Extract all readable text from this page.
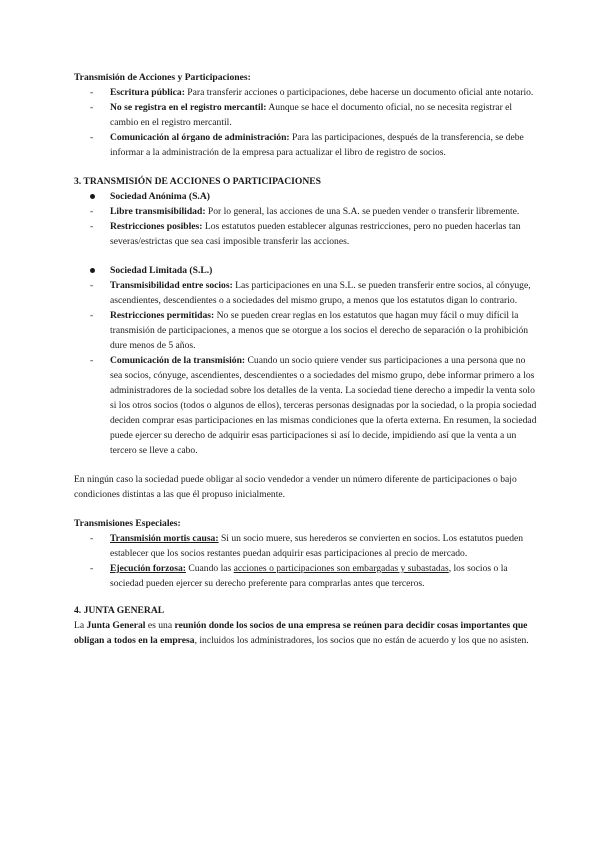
Transmisión de Acciones y Participaciones:

- Escritura pública: Para transferir acciones o participaciones, debe hacerse un documento oficial ante notario.
- No se registra en el registro mercantil: Aunque se hace el documento oficial, no se necesita registrar el cambio en el registro mercantil.
- Comunicación al órgano de administración: Para las participaciones, después de la transferencia, se debe informar a la administración de la empresa para actualizar el libro de registro de socios.

3. TRANSMISIÓN DE ACCIONES O PARTICIPACIONES

Sociedad Anónima (S.A)
- Libre transmisibilidad: Por lo general, las acciones de una S.A. se pueden vender o transferir libremente.
- Restricciones posibles: Los estatutos pueden establecer algunas restricciones, pero no pueden hacerlas tan severas/estrictas que sea casi imposible transferir las acciones.
Sociedad Limitada (S.L.)
- Transmisibilidad entre socios: Las participaciones en una S.L. se pueden transferir entre socios, al cónyuge, ascendientes, descendientes o a sociedades del mismo grupo, a menos que los estatutos digan lo contrario.
- Restricciones permitidas: No se pueden crear reglas en los estatutos que hagan muy fácil o muy difícil la transmisión de participaciones, a menos que se otorgue a los socios el derecho de separación o la prohibición dure menos de 5 años.
- Comunicación de la transmisión: Cuando un socio quiere vender sus participaciones a una persona que no sea socios, cónyuge, ascendientes, descendientes o a sociedades del mismo grupo, debe informar primero a los administradores de la sociedad sobre los detalles de la venta. La sociedad tiene derecho a impedir la venta solo si los otros socios (todos o algunos de ellos), terceras personas designadas por la sociedad, o la propia sociedad deciden comprar esas participaciones en las mismas condiciones que la oferta externa. En resumen, la sociedad puede ejercer su derecho de adquirir esas participaciones si así lo decide, impidiendo así que la venta a un tercero se lleve a cabo.

En ningún caso la sociedad puede obligar al socio vendedor a vender un número diferente de participaciones o bajo condiciones distintas a las que él propuso inicialmente.

Transmisiones Especiales:

- Transmisión mortis causa: Si un socio muere, sus herederos se convierten en socios. Los estatutos pueden establecer que los socios restantes puedan adquirir esas participaciones al precio de mercado.
- Ejecución forzosa: Cuando las acciones o participaciones son embargadas y subastadas, los socios o la sociedad pueden ejercer su derecho preferente para comprarlas antes que terceros.

4. JUNTA GENERAL

La Junta General es una reunión donde los socios de una empresa se reúnen para decidir cosas importantes que obligan a todos en la empresa, incluidos los administradores, los socios que no están de acuerdo y los que no asisten.
